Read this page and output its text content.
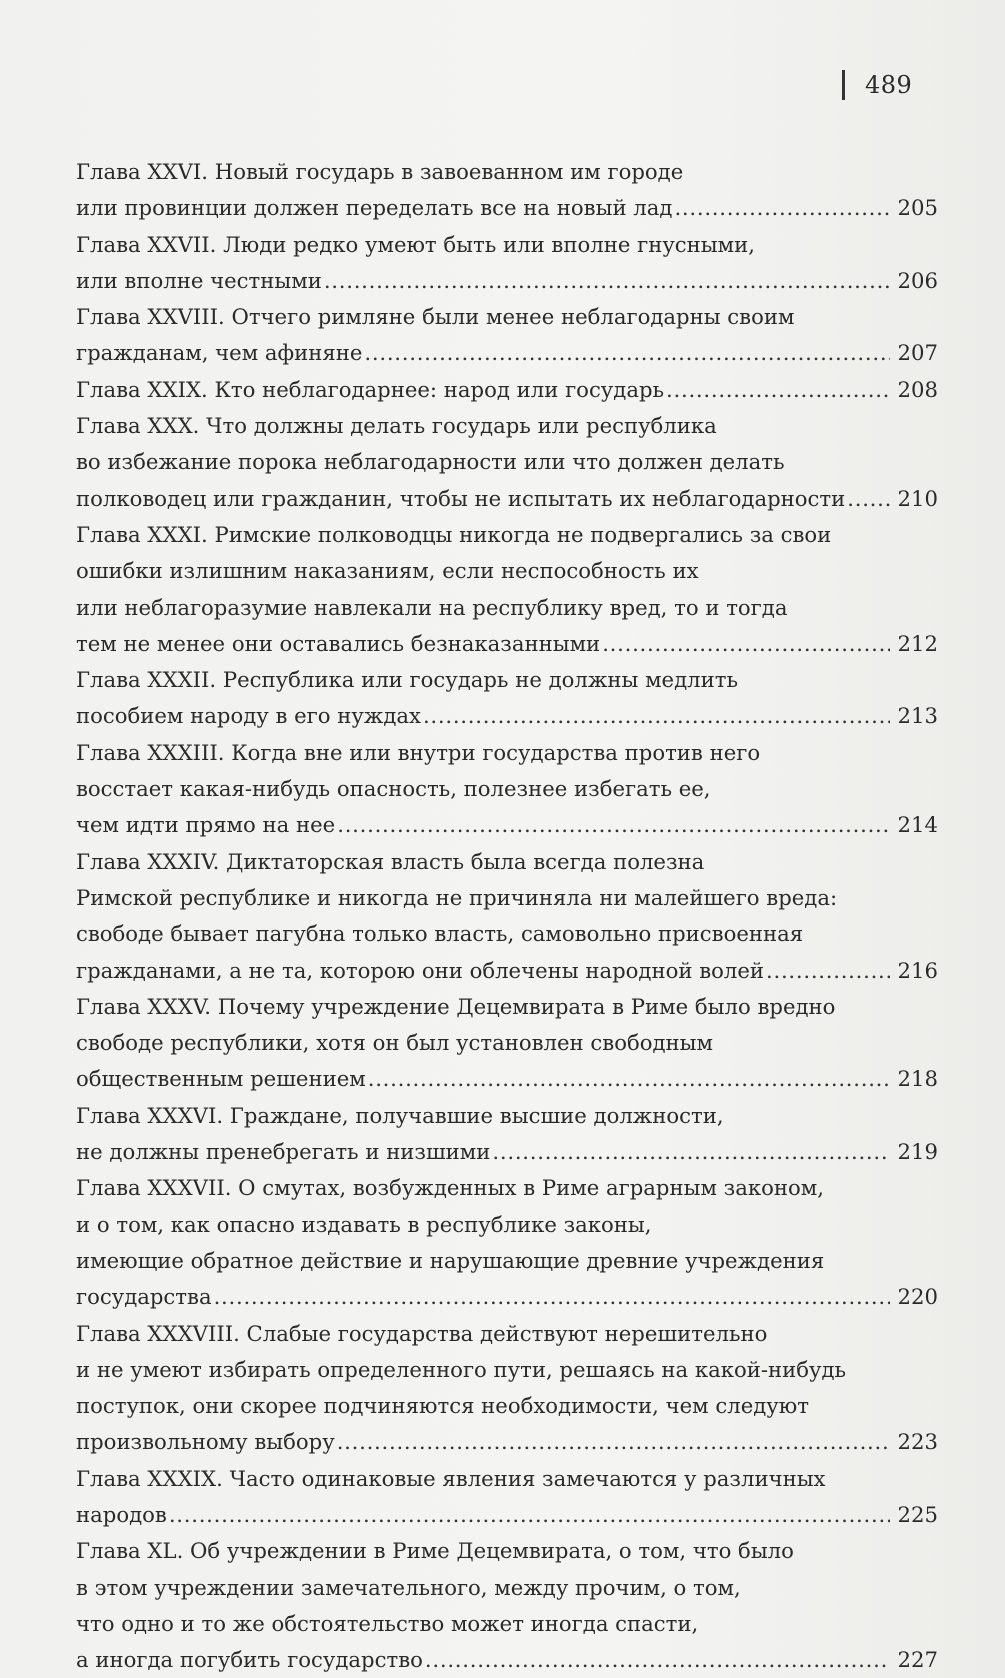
489
Глава XXVI. Новый государь в завоеванном им городе
или провинции должен переделать все на новый лад . . .	205
Глава XXVII. Люди редко умеют быть или вполне гнусными,
или вполне честными . . .	206
Глава XXVIII. Отчего римляне были менее неблагодарны своим
гражданам, чем афиняне . . .	207
Глава XXIX. Кто неблагодарнее: народ или государь . . .	208
Глава XXX. Что должны делать государь или республика
во избежание порока неблагодарности или что должен делать
полководец или гражданин, чтобы не испытать их неблагодарности . . . 210
Глава XXXI. Римские полководцы никогда не подвергались за свои
ошибки излишним наказаниям, если неспособность их
или неблагоразумие навлекали на республику вред, то и тогда
тем не менее они оставались безнаказанными . . .	212
Глава XXXII. Республика или государь не должны медлить
пособием народу в его нуждах . . .	213
Глава XXXIII. Когда вне или внутри государства против него
восстает какая-нибудь опасность, полезнее избегать ее,
чем идти прямо на нее . . .	214
Глава XXXIV. Диктаторская власть была всегда полезна
Римской республике и никогда не причиняла ни малейшего вреда:
свободе бывает пагубна только власть, самовольно присвоенная
гражданами, а не та, которою они облечены народной волей . . .	216
Глава XXXV. Почему учреждение Децемвирата в Риме было вредно
свободе республики, хотя он был установлен свободным
общественным решением . . .	218
Глава XXXVI. Граждане, получавшие высшие должности,
не должны пренебрегать и низшими . . .	219
Глава XXXVII. О смутах, возбужденных в Риме аграрным законом,
и о том, как опасно издавать в республике законы,
имеющие обратное действие и нарушающие древние учреждения
государства . . .	220
Глава XXXVIII. Слабые государства действуют нерешительно
и не умеют избирать определенного пути, решаясь на какой-нибудь
поступок, они скорее подчиняются необходимости, чем следуют
произвольному выбору . . .	223
Глава XXXIX. Часто одинаковые явления замечаются у различных
народов . . .	225
Глава XL. Об учреждении в Риме Децемвирата, о том, что было
в этом учреждении замечательного, между прочим, о том,
что одно и то же обстоятельство может иногда спасти,
а иногда погубить государство . . .	227
